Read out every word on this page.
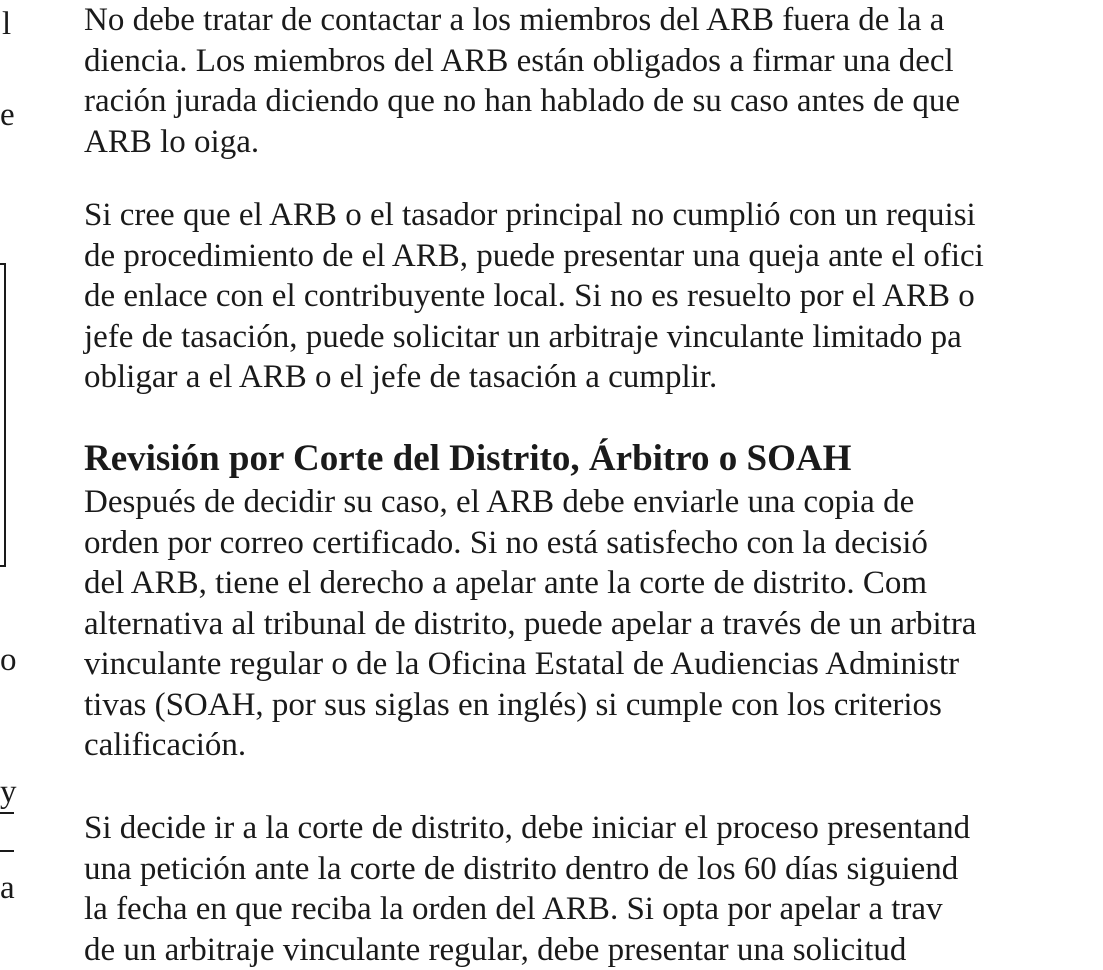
l
e
o
y
a

No debe tratar de contactar a los miembros del ARB fuera de la a
diencia. Los miembros del ARB están obligados a firmar una decl
ración jurada diciendo que no han hablado de su caso antes de que
ARB lo oiga.

Si cree que el ARB o el tasador principal no cumplió con un requisi
de procedimiento de el ARB, puede presentar una queja ante el ofici
de enlace con el contribuyente local. Si no es resuelto por el ARB o
jefe de tasación, puede solicitar un arbitraje vinculante limitado pa
obligar a el ARB o el jefe de tasación a cumplir.

Revisión por Corte del Distrito, Árbitro o SOAH

Después de decidir su caso, el ARB debe enviarle una copia de
orden por correo certificado. Si no está satisfecho con la decisió
del ARB, tiene el derecho a apelar ante la corte de distrito. Com
alternativa al tribunal de distrito, puede apelar a través de un arbitra
vinculante regular o de la Oficina Estatal de Audiencias Administr
tivas (SOAH, por sus siglas en inglés) si cumple con los criterios
calificación.

Si decide ir a la corte de distrito, debe iniciar el proceso presentand
una petición ante la corte de distrito dentro de los 60 días siguiend
la fecha en que reciba la orden del ARB. Si opta por apelar a trav
de un arbitraje vinculante regular, debe presentar una solicitud
